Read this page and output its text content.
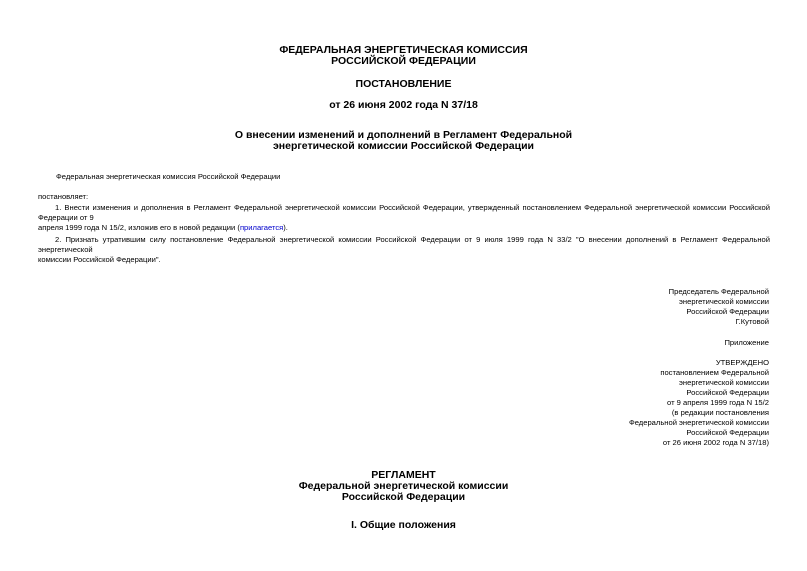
ФЕДЕРАЛЬНАЯ ЭНЕРГЕТИЧЕСКАЯ КОМИССИЯ
РОССИЙСКОЙ ФЕДЕРАЦИИ
ПОСТАНОВЛЕНИЕ
от 26 июня 2002 года N 37/18
О внесении изменений и дополнений в Регламент Федеральной
энергетической комиссии Российской Федерации
Федеральная энергетическая комиссия Российской Федерации
постановляет:
1. Внести изменения и дополнения в Регламент Федеральной энергетической комиссии Российской Федерации, утвержденный постановлением Федеральной энергетической комиссии Российской Федерации от 9
апреля 1999 года N 15/2, изложив его в новой редакции (прилагается).
2. Признать утратившим силу постановление Федеральной энергетической комиссии Российской Федерации от 9 июля 1999 года N 33/2 "О внесении дополнений в Регламент Федеральной энергетической
комиссии Российской Федерации".
Председатель Федеральной
энергетической комиссии
Российской Федерации
Г.Кутовой
Приложение
УТВЕРЖДЕНО
постановлением Федеральной
энергетической комиссии
Российской Федерации
от 9 апреля 1999 года N 15/2
(в редакции постановления
Федеральной энергетической комиссии
Российской Федерации
от 26 июня 2002 года N 37/18)
РЕГЛАМЕНТ
Федеральной энергетической комиссии
Российской Федерации
I. Общие положения
